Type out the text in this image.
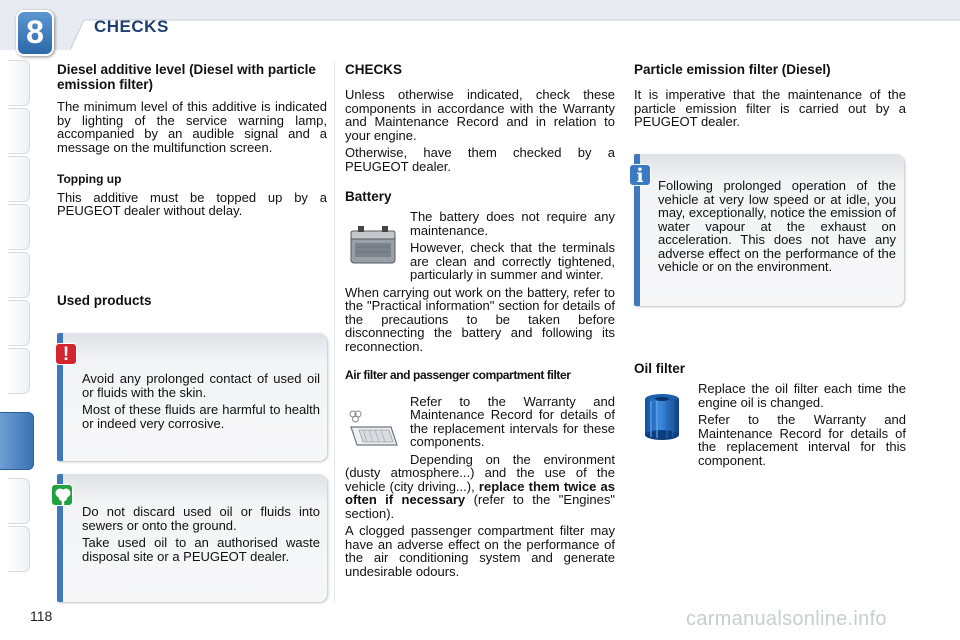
CHECKS
8
Diesel additive level (Diesel with particle emission filter)

The minimum level of this additive is indicated by lighting of the service warning lamp, accompanied by an audible signal and a message on the multifunction screen.

Topping up

This additive must be topped up by a PEUGEOT dealer without delay.

Used products
!

Avoid any prolonged contact of used oil or fluids with the skin.

Most of these fluids are harmful to health or indeed very corrosive.

Do not discard used oil or fluids into sewers or onto the ground.

Take used oil to an authorised waste disposal site or a PEUGEOT dealer.

CHECKS

Unless otherwise indicated, check these components in accordance with the Warranty and Maintenance Record and in relation to your engine.

Otherwise, have them checked by a PEUGEOT dealer.

Battery

The battery does not require any maintenance.

However, check that the terminals are clean and correctly tightened, particularly in summer and winter.

When carrying out work on the battery, refer to the "Practical information" section for details of the precautions to be taken before disconnecting the battery and following its reconnection.

Air filter and passenger compartment filter

Refer to the Warranty and Maintenance Record for details of the replacement intervals for these components.

Depending on the environment (dusty atmosphere...) and the use of the vehicle (city driving...), replace them twice as often if necessary (refer to the "Engines" section).

A clogged passenger compartment filter may have an adverse effect on the performance of the air conditioning system and generate undesirable odours.

Particle emission filter (Diesel)

It is imperative that the maintenance of the particle emission filter is carried out by a PEUGEOT dealer.

i	Following prolonged operation of the vehicle at very low speed or at idle, you may, exceptionally, notice the emission of water vapour at the exhaust on acceleration. This does not have any adverse effect on the performance of the vehicle or on the environment.
Oil filter

Replace the oil filter each time the engine oil is changed.

Refer to the Warranty and Maintenance Record for details of the replacement interval for this component.

118	carmanualsonline.info
